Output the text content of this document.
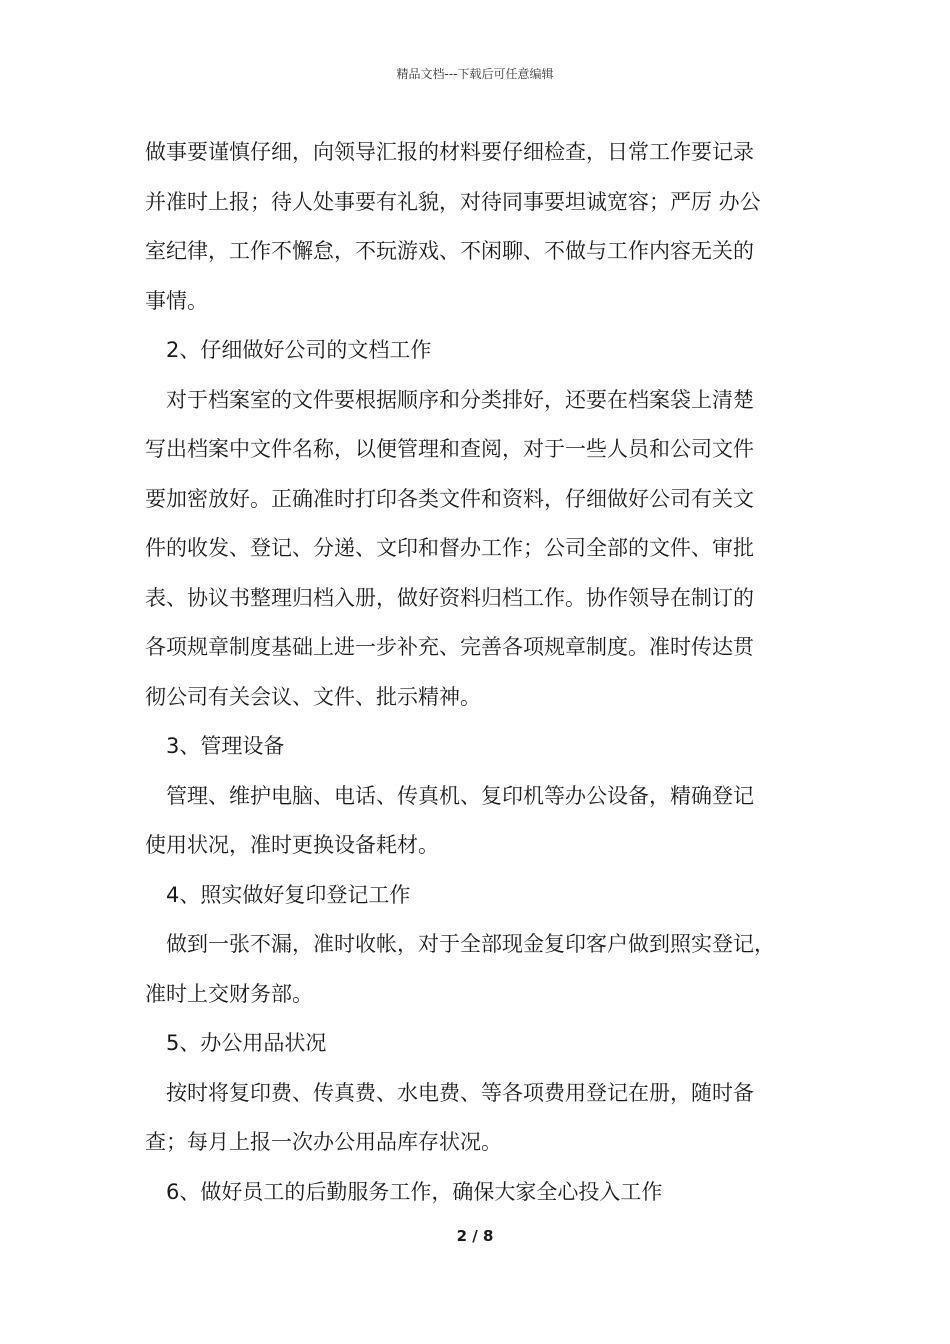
精品文档---下载后可任意编辑
做事要谨慎仔细，向领导汇报的材料要仔细检查，日常工作要记录
并准时上报；待人处事要有礼貌，对待同事要坦诚宽容；严厉 办公
室纪律，工作不懈怠，不玩游戏、不闲聊、不做与工作内容无关的
事情。
2、仔细做好公司的文档工作
对于档案室的文件要根据顺序和分类排好，还要在档案袋上清楚
写出档案中文件名称，以便管理和查阅，对于一些人员和公司文件
要加密放好。正确准时打印各类文件和资料，仔细做好公司有关文
件的收发、登记、分递、文印和督办工作；公司全部的文件、审批
表、协议书整理归档入册，做好资料归档工作。协作领导在制订的
各项规章制度基础上进一步补充、完善各项规章制度。准时传达贯
彻公司有关会议、文件、批示精神。
3、管理设备
管理、维护电脑、电话、传真机、复印机等办公设备，精确登记
使用状况，准时更换设备耗材。
4、照实做好复印登记工作
做到一张不漏，准时收帐，对于全部现金复印客户做到照实登记，
准时上交财务部。
5、办公用品状况
按时将复印费、传真费、水电费、等各项费用登记在册，随时备
查；每月上报一次办公用品库存状况。
6、做好员工的后勤服务工作，确保大家全心投入工作
2 / 8
